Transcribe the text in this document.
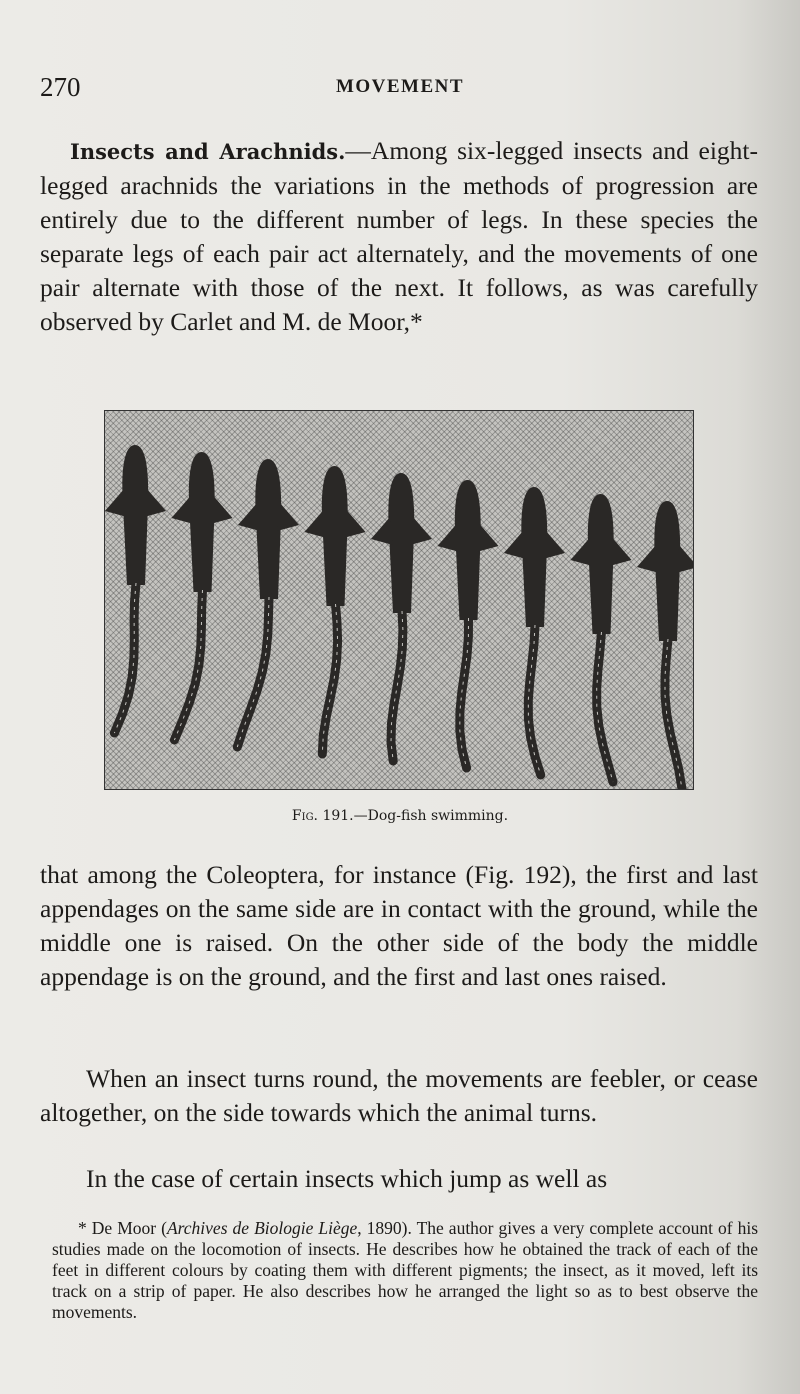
270	MOVEMENT

Insects and Arachnids.—Among six-legged insects and eight-legged arachnids the variations in the methods of progression are entirely due to the different number of legs. In these species the separate legs of each pair act alternately, and the movements of one pair alternate with those of the next. It follows, as was carefully observed by Carlet and M. de Moor,*

Fig. 191.—Dog-fish swimming.

that among the Coleoptera, for instance (Fig. 192), the first and last appendages on the same side are in contact with the ground, while the middle one is raised. On the other side of the body the middle appendage is on the ground, and the first and last ones raised.

When an insect turns round, the movements are feebler, or cease altogether, on the side towards which the animal turns.

In the case of certain insects which jump as well as

* De Moor (Archives de Biologie Liège, 1890). The author gives a very complete account of his studies made on the locomotion of insects. He describes how he obtained the track of each of the feet in different colours by coating them with different pigments; the insect, as it moved, left its track on a strip of paper. He also describes how he arranged the light so as to best observe the movements.
